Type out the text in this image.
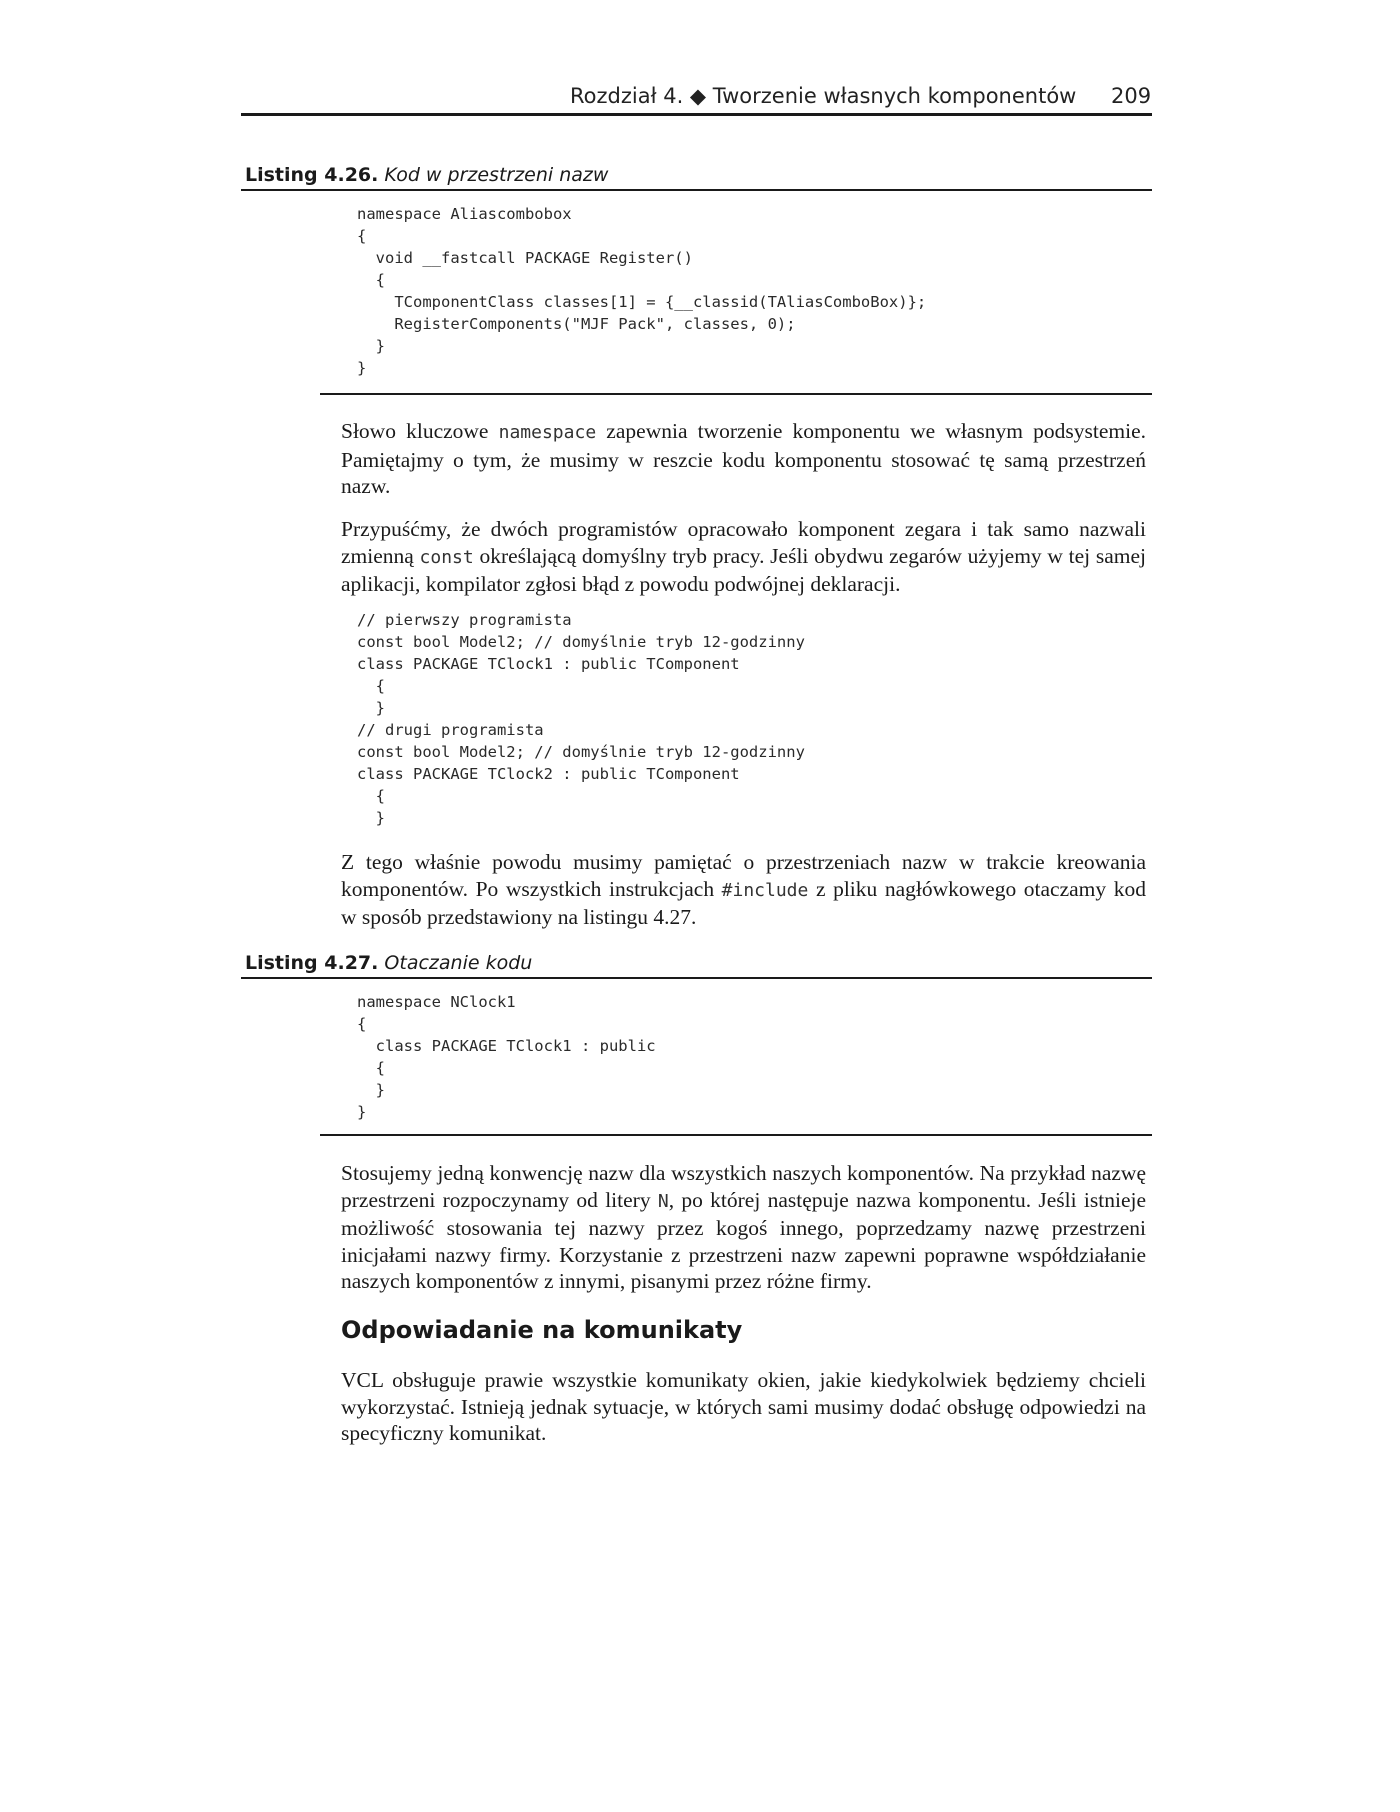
Rozdział 4. ◆ Tworzenie własnych komponentów 209
Listing 4.26. Kod w przestrzeni nazw
namespace Aliascombobox
{
void __fastcall PACKAGE Register()
{
TComponentClass classes[1] = {__classid(TAliasComboBox)};
RegisterComponents("MJF Pack", classes, 0);
}
}

Słowo kluczowe namespace zapewnia tworzenie komponentu we własnym podsystemie. Pamiętajmy o tym, że musimy w reszcie kodu komponentu stosować tę samą przestrzeń nazw.

Przypuśćmy, że dwóch programistów opracowało komponent zegara i tak samo nazwali zmienną const określającą domyślny tryb pracy. Jeśli obydwu zegarów użyjemy w tej samej aplikacji, kompilator zgłosi błąd z powodu podwójnej deklaracji.

// pierwszy programista
const bool Model2; // domyślnie tryb 12-godzinny
class PACKAGE TClock1 : public TComponent
{
}
// drugi programista
const bool Model2; // domyślnie tryb 12-godzinny
class PACKAGE TClock2 : public TComponent
{
}

Z tego właśnie powodu musimy pamiętać o przestrzeniach nazw w trakcie kreowania komponentów. Po wszystkich instrukcjach #include z pliku nagłówkowego otaczamy kod w sposób przedstawiony na listingu 4.27.

Listing 4.27. Otaczanie kodu
namespace NClock1
{
class PACKAGE TClock1 : public
{
}
}

Stosujemy jedną konwencję nazw dla wszystkich naszych komponentów. Na przykład nazwę przestrzeni rozpoczynamy od litery N, po której następuje nazwa komponentu. Jeśli istnieje możliwość stosowania tej nazwy przez kogoś innego, poprzedzamy nazwę przestrzeni inicjałami nazwy firmy. Korzystanie z przestrzeni nazw zapewni poprawne współdziałanie naszych komponentów z innymi, pisanymi przez różne firmy.

Odpowiadanie na komunikaty

VCL obsługuje prawie wszystkie komunikaty okien, jakie kiedykolwiek będziemy chcieli wykorzystać. Istnieją jednak sytuacje, w których sami musimy dodać obsługę odpowiedzi na specyficzny komunikat.
